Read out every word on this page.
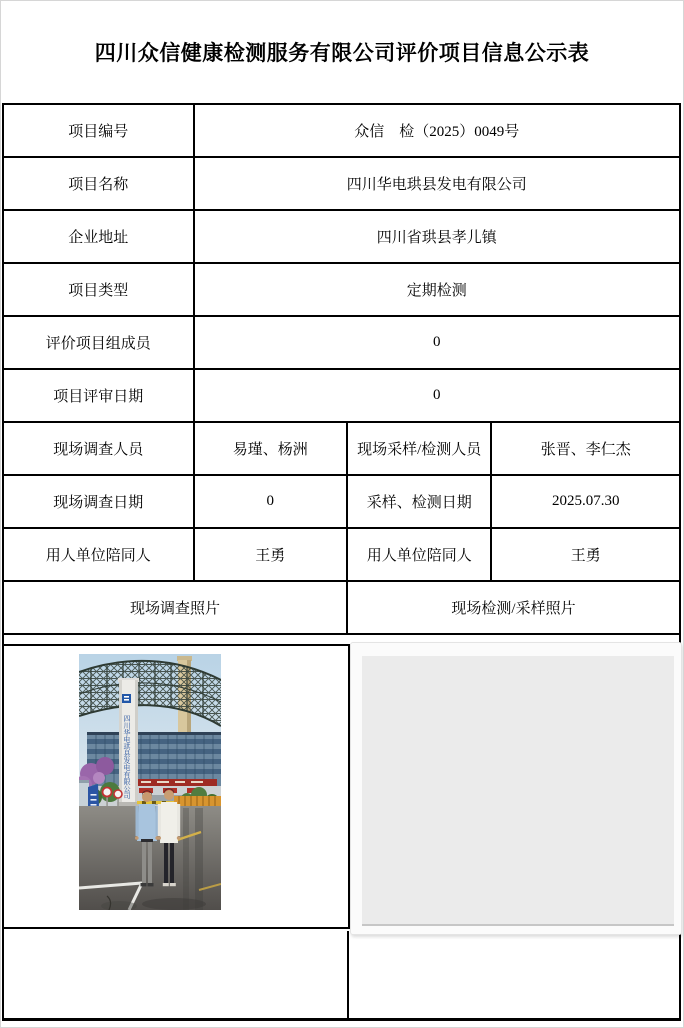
四川众信健康检测服务有限公司评价项目信息公示表
项目编号	众信　检（2025）0049号		
项目名称	四川华电珙县发电有限公司		
企业地址	四川省珙县孝儿镇		
项目类型	定期检测		
评价项目组成员	0		
项目评审日期	0		
现场调查人员	易瑾、杨洲	现场采样/检测人员	张晋、李仁杰
现场调查日期	0	采样、检测日期	2025.07.30
用人单位陪同人	王勇	用人单位陪同人	王勇
现场调查照片		现场检测/采样照片	

四川华电珙县发电有限公司			
